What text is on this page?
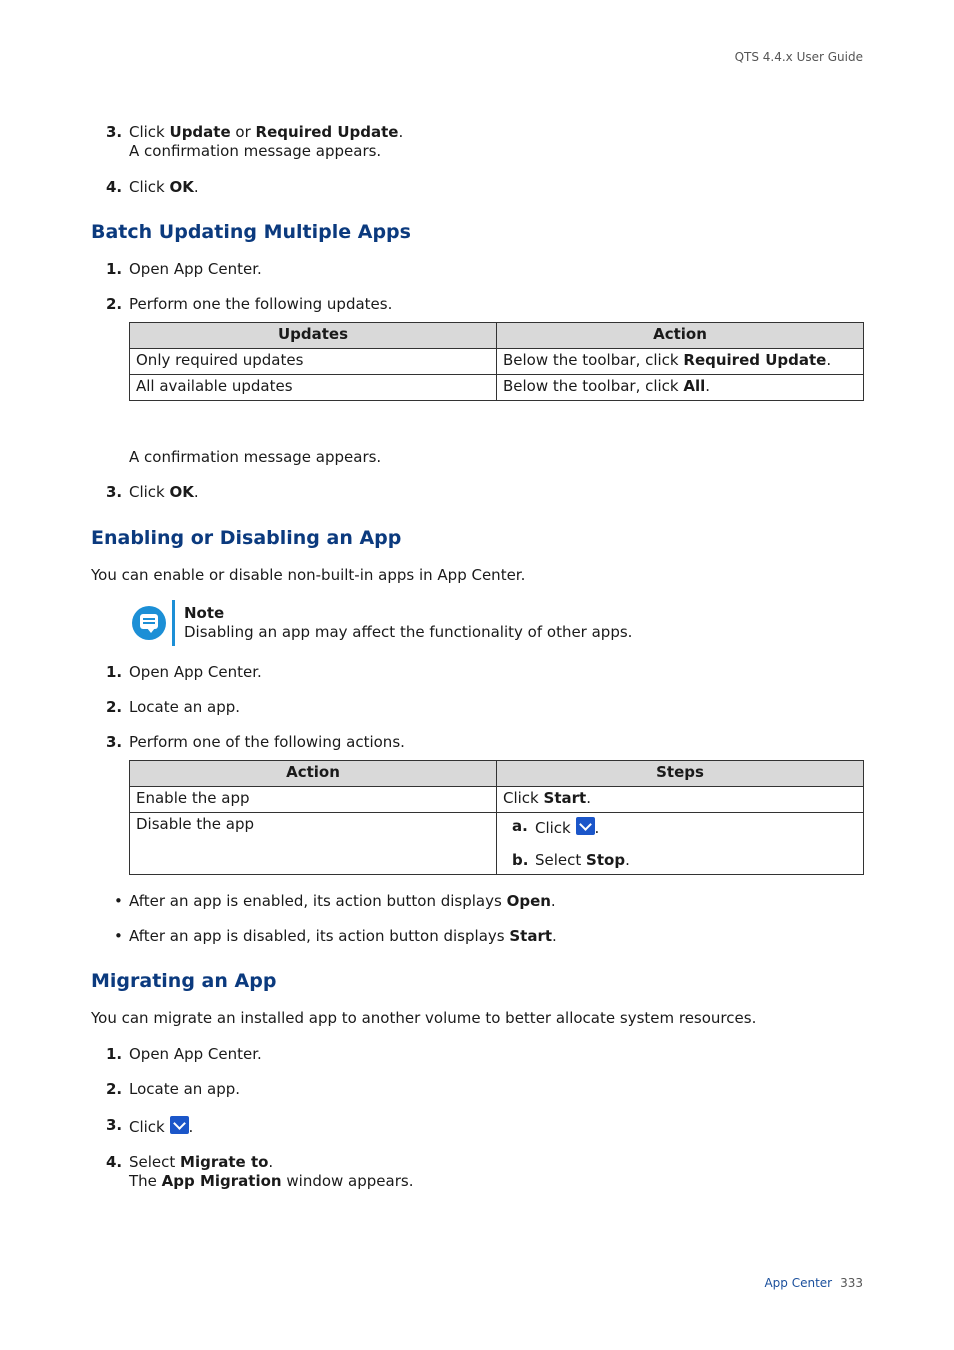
QTS 4.4.x User Guide
3. Click Update or Required Update.
A confirmation message appears.
4. Click OK.
Batch Updating Multiple Apps
1. Open App Center.
2. Perform one the following updates.
Updates	Action
Only required updates	Below the toolbar, click Required Update.
All available updates	Below the toolbar, click All.
A confirmation message appears.
3. Click OK.
Enabling or Disabling an App
You can enable or disable non-built-in apps in App Center.
Note
Disabling an app may affect the functionality of other apps.
1. Open App Center.
2. Locate an app.
3. Perform one of the following actions.
Action	Steps
Enable the app	Click Start.
Disable the app	a. Click .
b. Select Stop.
• After an app is enabled, its action button displays Open.
• After an app is disabled, its action button displays Start.
Migrating an App
You can migrate an installed app to another volume to better allocate system resources.
1. Open App Center.
2. Locate an app.
3. Click .
4. Select Migrate to.
The App Migration window appears.
App Center 333
